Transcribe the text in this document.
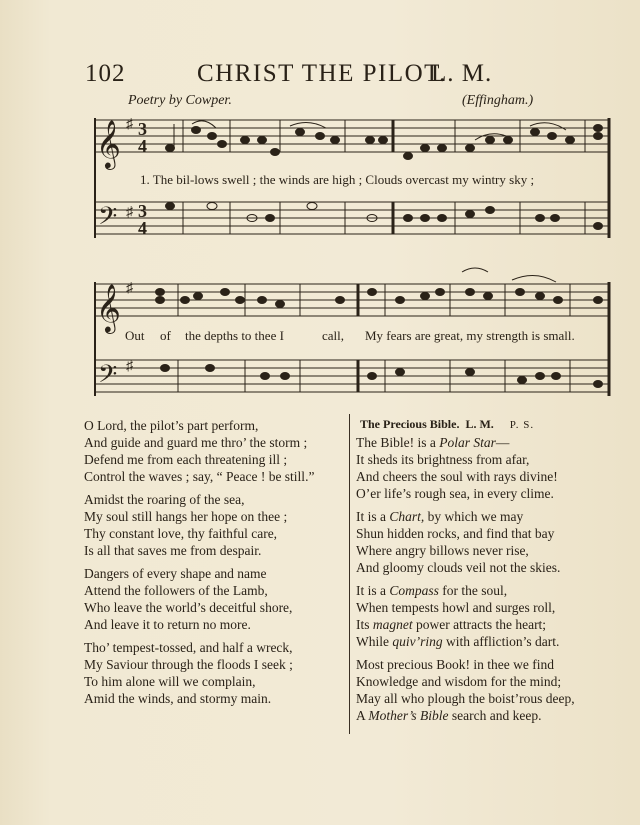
102	CHRIST THE PILOT.
L. M.
Poetry by Cowper.	(Effingham.)
𝄞
𝄢
𝄞
𝄢
3
4
3
4
♯
♯
♯
♯
1. The bil-lows swell ; the winds are high ; Clouds overcast my wintry sky ;
Out of the depths to thee I	call, My fears are great, my strength is small.
O Lord, the pilot’s part perform,
And guide and guard me thro’ the storm ;
Defend me from each threatening ill ;
Control the waves ; say, “ Peace ! be still.”
Amidst the roaring of the sea,
My soul still hangs her hope on thee ;
Thy constant love, thy faithful care,
Is all that saves me from despair.
Dangers of every shape and name
Attend the followers of the Lamb,
Who leave the world’s deceitful shore,
And leave it to return no more.
Tho’ tempest-tossed, and half a wreck,
My Saviour through the floods I seek ;
To him alone will we complain,
Amid the winds, and stormy main.
The Precious Bible. L. M. P. S.
The Bible! is a Polar Star—
It sheds its brightness from afar,
And cheers the soul with rays divine!
O’er life’s rough sea, in every clime.
It is a Chart, by which we may
Shun hidden rocks, and find that bay
Where angry billows never rise,
And gloomy clouds veil not the skies.
It is a Compass for the soul,
When tempests howl and surges roll,
Its magnet power attracts the heart;
While quiv’ring with affliction’s dart.
Most precious Book! in thee we find
Knowledge and wisdom for the mind;
May all who plough the boist’rous deep,
A Mother’s Bible search and keep.
